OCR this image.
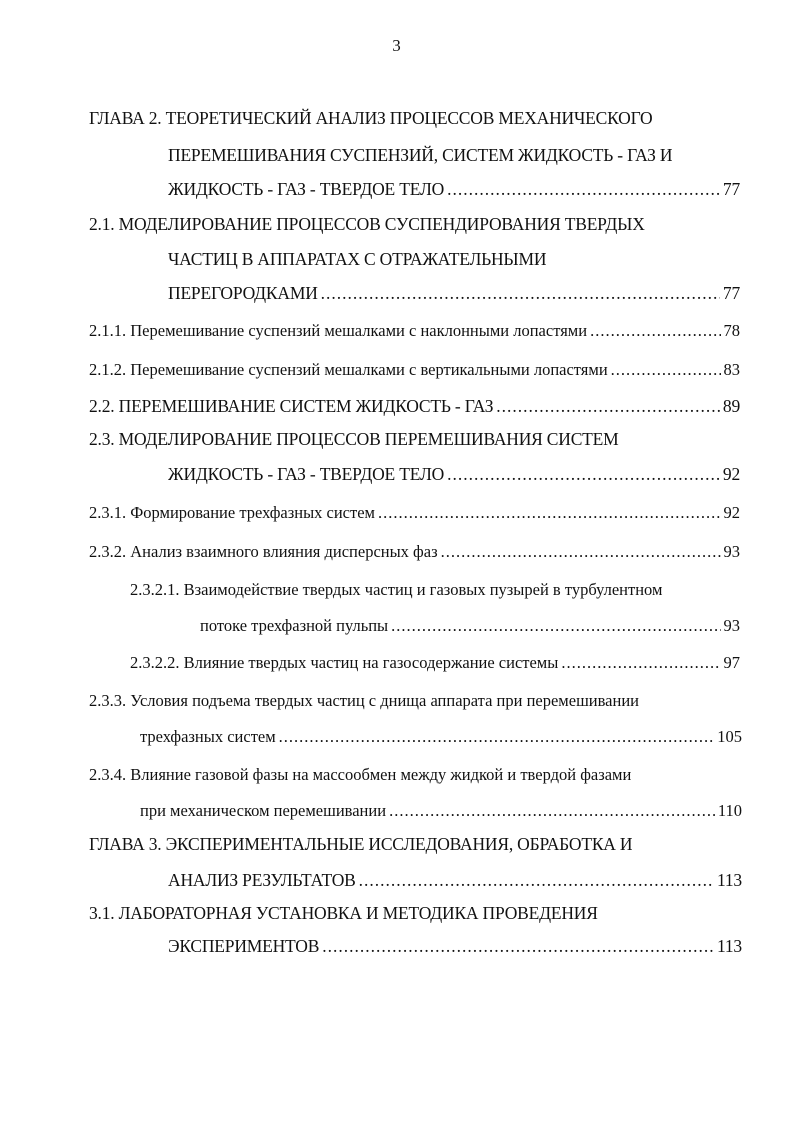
3
ГЛАВА 2. ТЕОРЕТИЧЕСКИЙ АНАЛИЗ ПРОЦЕССОВ МЕХАНИЧЕСКОГО
ПЕРЕМЕШИВАНИЯ СУСПЕНЗИЙ, СИСТЕМ ЖИДКОСТЬ - ГАЗ И
ЖИДКОСТЬ - ГАЗ - ТВЕРДОЕ ТЕЛО .....	77
2.1. МОДЕЛИРОВАНИЕ ПРОЦЕССОВ СУСПЕНДИРОВАНИЯ ТВЕРДЫХ
ЧАСТИЦ В АППАРАТАХ С ОТРАЖАТЕЛЬНЫМИ
ПЕРЕГОРОДКАМИ .....	77
2.1.1. Перемешивание суспензий мешалками с наклонными лопастями .....	78
2.1.2. Перемешивание суспензий мешалками с вертикальными лопастями .....	83
2.2. ПЕРЕМЕШИВАНИЕ СИСТЕМ ЖИДКОСТЬ - ГАЗ .....	89
2.3. МОДЕЛИРОВАНИЕ ПРОЦЕССОВ ПЕРЕМЕШИВАНИЯ СИСТЕМ
ЖИДКОСТЬ - ГАЗ - ТВЕРДОЕ ТЕЛО .....	92
2.3.1. Формирование трехфазных систем .....	92
2.3.2. Анализ взаимного влияния дисперсных фаз .....	93
2.3.2.1. Взаимодействие твердых частиц и газовых пузырей в турбулентном
потоке трехфазной пульпы .....	93
2.3.2.2. Влияние твердых частиц на газосодержание системы .....	97
2.3.3. Условия подъема твердых частиц с днища аппарата при перемешивании
трехфазных систем .....	105
2.3.4. Влияние газовой фазы на массообмен между жидкой и твердой фазами
при механическом перемешивании .....	110
ГЛАВА 3. ЭКСПЕРИМЕНТАЛЬНЫЕ ИССЛЕДОВАНИЯ, ОБРАБОТКА И
АНАЛИЗ РЕЗУЛЬТАТОВ .....	113
3.1. ЛАБОРАТОРНАЯ УСТАНОВКА И МЕТОДИКА ПРОВЕДЕНИЯ
ЭКСПЕРИМЕНТОВ .....	113
